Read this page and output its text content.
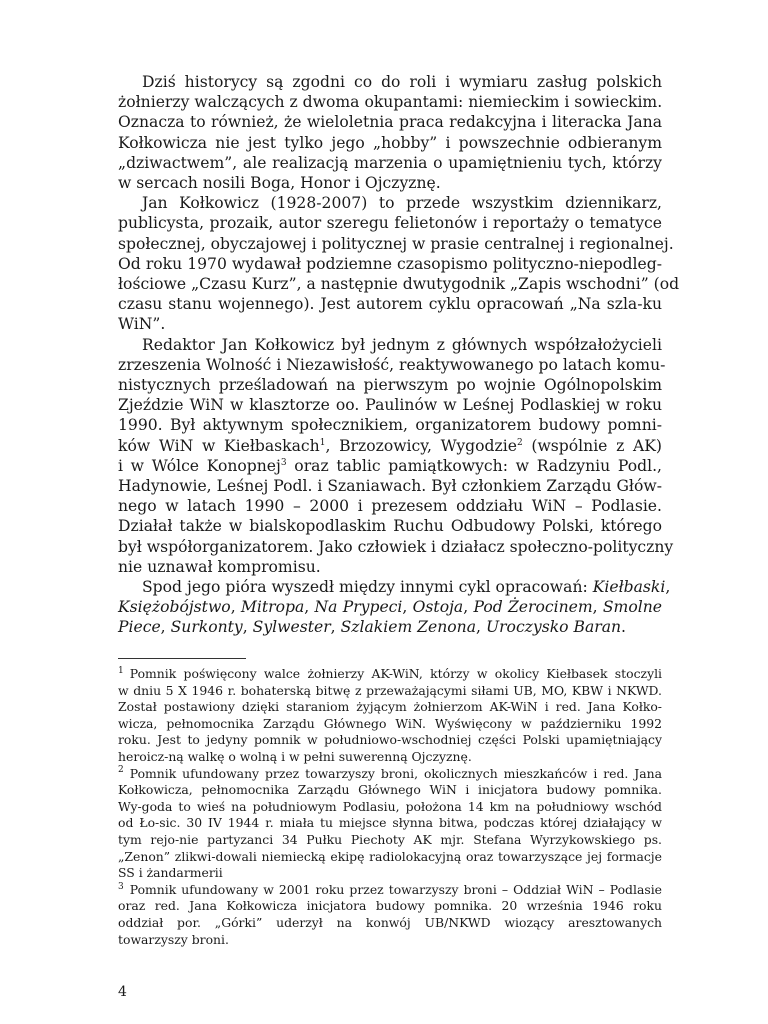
Dziś historycy są zgodni co do roli i wymiaru zasług polskich
żołnierzy walczących z dwoma okupantami: niemieckim i sowieckim.
Oznacza to również, że wieloletnia praca redakcyjna i literacka Jana
Kołkowicza nie jest tylko jego „hobby” i powszechnie odbieranym
„dziwactwem”, ale realizacją marzenia o upamiętnieniu tych, którzy
w sercach nosili Boga, Honor i Ojczyznę.
Jan Kołkowicz (1928-2007) to przede wszystkim dziennikarz,
publicysta, prozaik, autor szeregu felietonów i reportaży o tematyce
społecznej, obyczajowej i politycznej w prasie centralnej i regionalnej.
Od roku 1970 wydawał podziemne czasopismo polityczno-niepodleg-
łościowe „Czasu Kurz”, a następnie dwutygodnik „Zapis wschodni” (od
czasu stanu wojennego). Jest autorem cyklu opracowań „Na szla-ku
WiN”.
Redaktor Jan Kołkowicz był jednym z głównych współzałożycieli
zrzeszenia Wolność i Niezawisłość, reaktywowanego po latach komu-
nistycznych prześladowań na pierwszym po wojnie Ogólnopolskim
Zjeździe WiN w klasztorze oo. Paulinów w Leśnej Podlaskiej w roku
1990. Był aktywnym społecznikiem, organizatorem budowy pomni-
ków WiN w Kiełbaskach$^1$, Brzozowicy, Wygodzie$^2$ (wspólnie z AK)
i w Wólce Konopnej$^3$ oraz tablic pamiątkowych: w Radzyniu Podl.,
Hadynowie, Leśnej Podl. i Szaniawach. Był członkiem Zarządu Głów-
nego w latach 1990 – 2000 i prezesem oddziału WiN – Podlasie.
Działał także w bialskopodlaskim Ruchu Odbudowy Polski, którego
był współorganizatorem. Jako człowiek i działacz społeczno-polityczny
nie uznawał kompromisu.
Spod jego pióra wyszedł między innymi cykl opracowań: Kiełbaski,
Księżobójstwo, Mitropa, Na Prypeci, Ostoja, Pod Żerocinem, Smolne
Piece, Surkonty, Sylwester, Szlakiem Zenona, Uroczysko Baran.
$^1$ Pomnik poświęcony walce żołnierzy AK-WiN, którzy w okolicy Kiełbasek stoczyli
w dniu 5 X 1946 r. bohaterską bitwę z przeważającymi siłami UB, MO, KBW i NKWD.
Został postawiony dzięki staraniom żyjącym żołnierzom AK-WiN i red. Jana Kołko-
wicza, pełnomocnika Zarządu Głównego WiN. Wyświęcony w październiku 1992
roku. Jest to jedyny pomnik w południowo-wschodniej części Polski upamiętniający
heroicz-ną walkę o wolną i w pełni suwerenną Ojczyznę.
$^2$ Pomnik ufundowany przez towarzyszy broni, okolicznych mieszkańców i red. Jana
Kołkowicza, pełnomocnika Zarządu Głównego WiN i inicjatora budowy pomnika.
Wy-goda to wieś na południowym Podlasiu, położona 14 km na południowy wschód
od Ło-sic. 30 IV 1944 r. miała tu miejsce słynna bitwa, podczas której działający w
tym rejo-nie partyzanci 34 Pułku Piechoty AK mjr. Stefana Wyrzykowskiego ps.
„Zenon” zlikwi-dowali niemiecką ekipę radiolokacyjną oraz towarzyszące jej formacje
SS i żandarmerii
$^3$ Pomnik ufundowany w 2001 roku przez towarzyszy broni – Oddział WiN – Podlasie
oraz red. Jana Kołkowicza inicjatora budowy pomnika. 20 września 1946 roku
oddział por. „Górki” uderzył na konwój UB/NKWD wiozący aresztowanych
towarzyszy broni.
4
